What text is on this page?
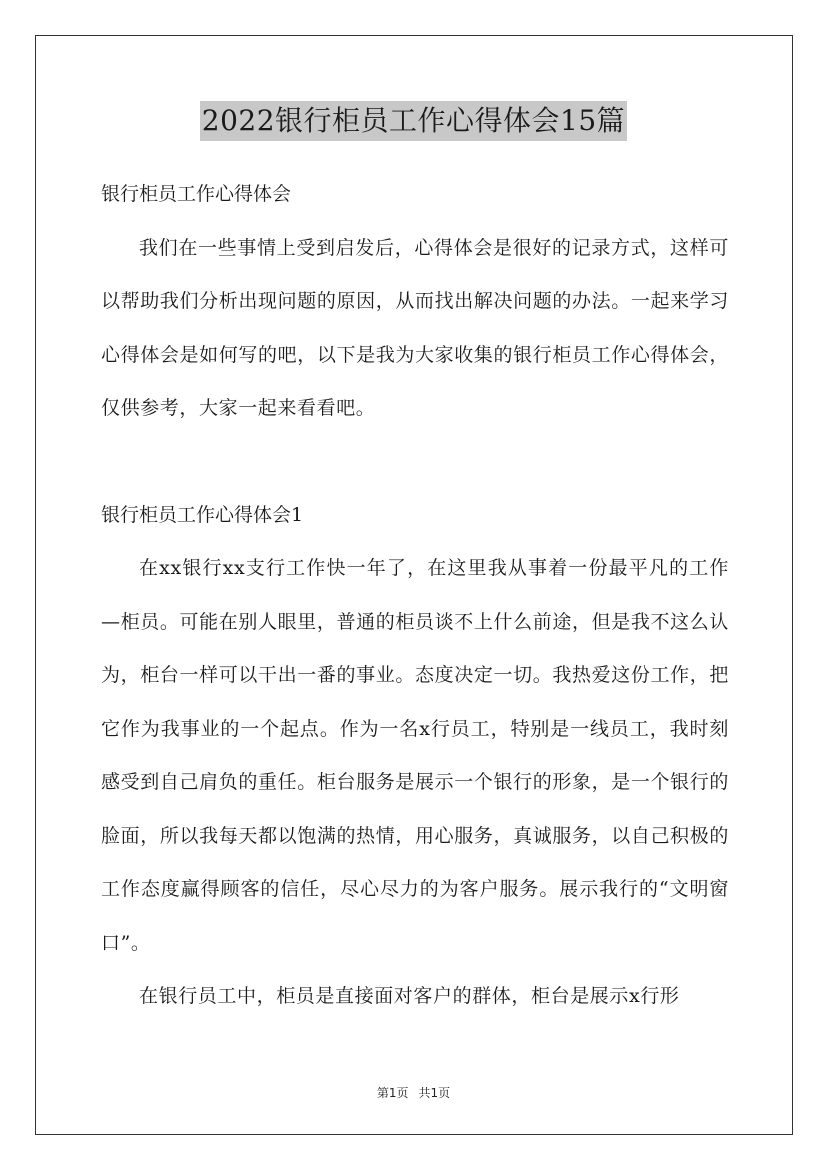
2022银行柜员工作心得体会15篇

银行柜员工作心得体会

我们在一些事情上受到启发后，心得体会是很好的记录方式，这样可以帮助我们分析出现问题的原因，从而找出解决问题的办法。一起来学习心得体会是如何写的吧，以下是我为大家收集的银行柜员工作心得体会，仅供参考，大家一起来看看吧。

银行柜员工作心得体会1

在xx银行xx支行工作快一年了，在这里我从事着一份最平凡的工作—柜员。可能在别人眼里，普通的柜员谈不上什么前途，但是我不这么认为，柜台一样可以干出一番的事业。态度决定一切。我热爱这份工作，把它作为我事业的一个起点。作为一名x行员工，特别是一线员工，我时刻感受到自己肩负的重任。柜台服务是展示一个银行的形象，是一个银行的脸面，所以我每天都以饱满的热情，用心服务，真诚服务，以自己积极的工作态度赢得顾客的信任，尽心尽力的为客户服务。展示我行的“文明窗口”。

在银行员工中，柜员是直接面对客户的群体，柜台是展示x行形

第1页 共1页
